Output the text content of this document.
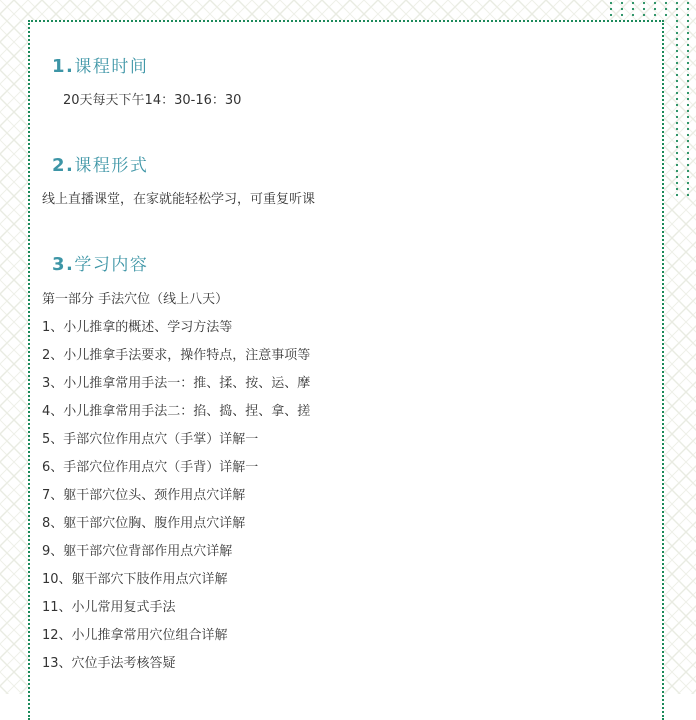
1.课程时间
20天每天下午14：30-16：30
2.课程形式
线上直播课堂，在家就能轻松学习，可重复听课
3.学习内容
第一部分 手法穴位（线上八天）
1、小儿推拿的概述、学习方法等
2、小儿推拿手法要求，操作特点，注意事项等
3、小儿推拿常用手法一：推、揉、按、运、摩
4、小儿推拿常用手法二：掐、捣、捏、拿、搓
5、手部穴位作用点穴（手掌）详解一
6、手部穴位作用点穴（手背）详解一
7、躯干部穴位头、颈作用点穴详解
8、躯干部穴位胸、腹作用点穴详解
9、躯干部穴位背部作用点穴详解
10、躯干部穴下肢作用点穴详解
11、小儿常用复式手法
12、小儿推拿常用穴位组合详解
13、穴位手法考核答疑
